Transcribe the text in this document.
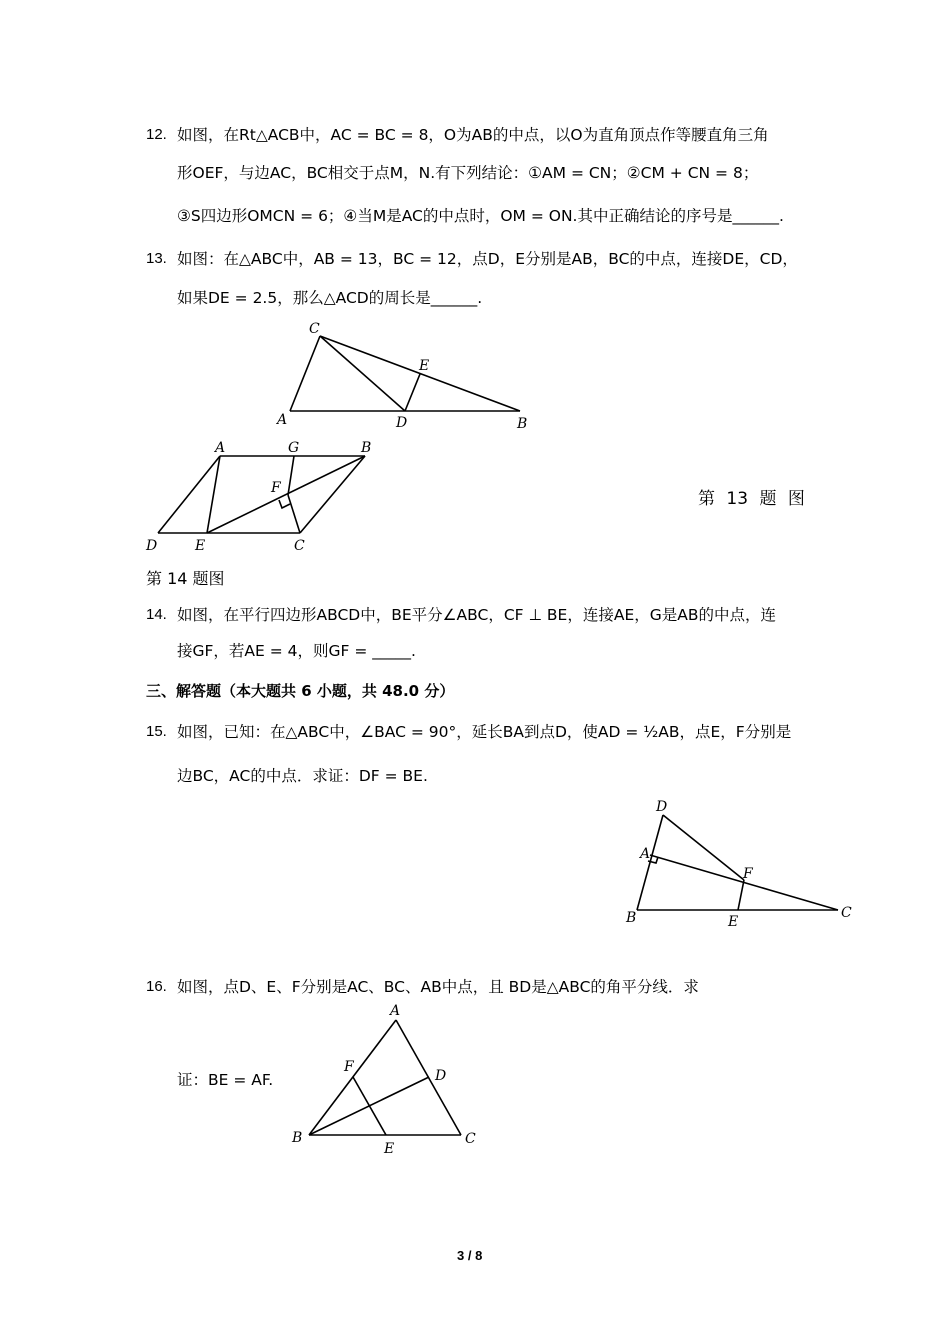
12. 如图，在Rt△ACB中，AC = BC = 8，O为AB的中点，以O为直角顶点作等腰直角三角
形OEF，与边AC，BC相交于点M，N.有下列结论：①AM = CN；②CM + CN = 8；
③S四边形OMCN = 6；④当M是AC的中点时，OM = ON.其中正确结论的序号是______.
13. 如图：在△ABC中，AB = 13，BC = 12，点D，E分别是AB，BC的中点，连接DE，CD，
如果DE = 2.5，那么△ACD的周长是______.
C
E
A	D	B
A	G	B
F
D	E	C
D
A
F
B	E
C
A
F
D
B
E
C
第 13 题 图
第 14 题图
14. 如图，在平行四边形ABCD中，BE平分∠ABC，CF ⊥ BE，连接AE，G是AB的中点，连
接GF，若AE = 4，则GF = _____.
三、解答题（本大题共 6 小题，共 48.0 分）
15. 如图，已知：在△ABC中，∠BAC = 90°，延长BA到点D，使AD = ½AB，点E，F分别是
边BC，AC的中点．求证：DF = BE.
16. 如图，点D、E、F分别是AC、BC、AB中点，且 BD是△ABC的角平分线．求
证：BE = AF.
3 / 8
